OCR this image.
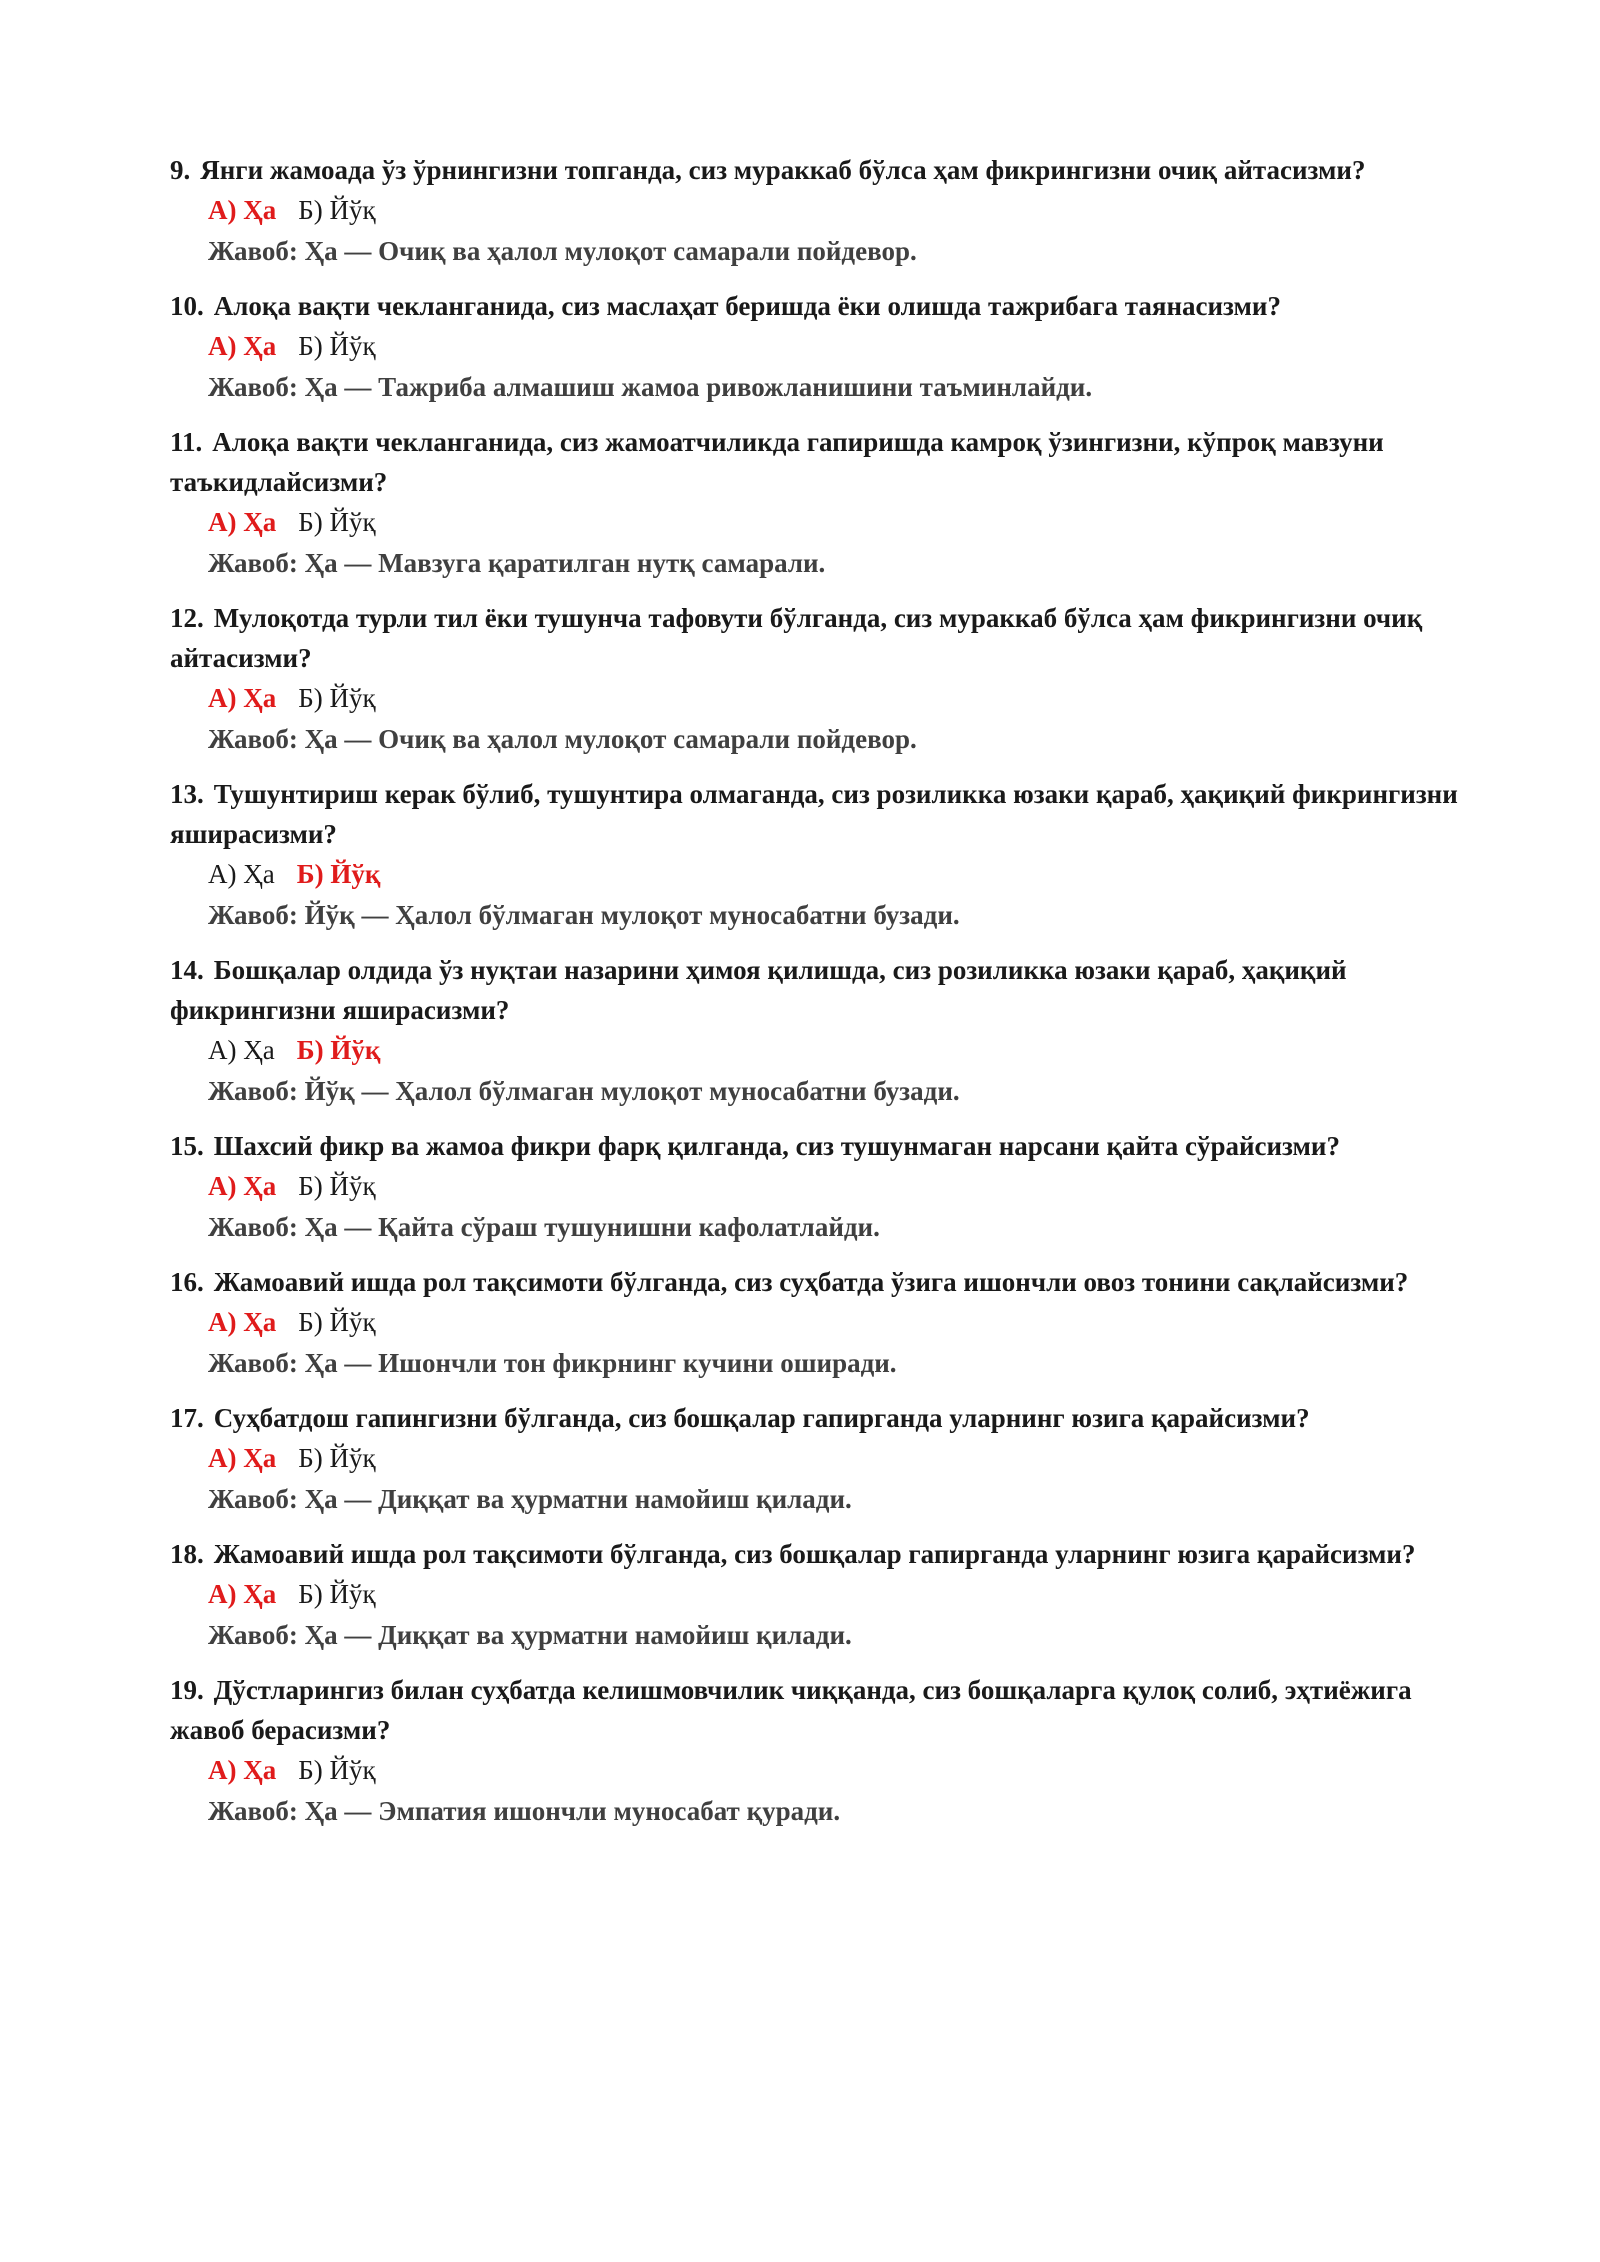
9. Янги жамоада ўз ўрнингизни топганда, сиз мураккаб бўлса ҳам фикрингизни очиқ айтасизми?

А) Ҳа Б) Йўқ

Жавоб: Ҳа — Очиқ ва ҳалол мулоқот самарали пойдевор.

10. Алоқа вақти чекланганида, сиз маслаҳат беришда ёки олишда тажрибага таянасизми?

А) Ҳа Б) Йўқ

Жавоб: Ҳа — Тажриба алмашиш жамоа ривожланишини таъминлайди.

11. Алоқа вақти чекланганида, сиз жамоатчиликда гапиришда камроқ ўзингизни, кўпроқ мавзуни таъкидлайсизми?

А) Ҳа Б) Йўқ

Жавоб: Ҳа — Мавзуга қаратилган нутқ самарали.

12. Мулоқотда турли тил ёки тушунча тафовути бўлганда, сиз мураккаб бўлса ҳам фикрингизни очиқ айтасизми?

А) Ҳа Б) Йўқ

Жавоб: Ҳа — Очиқ ва ҳалол мулоқот самарали пойдевор.

13. Тушунтириш керак бўлиб, тушунтира олмаганда, сиз розиликка юзаки қараб, ҳақиқий фикрингизни яширасизми?

А) Ҳа Б) Йўқ

Жавоб: Йўқ — Ҳалол бўлмаган мулоқот муносабатни бузади.

14. Бошқалар олдида ўз нуқтаи назарини ҳимоя қилишда, сиз розиликка юзаки қараб, ҳақиқий фикрингизни яширасизми?

А) Ҳа Б) Йўқ

Жавоб: Йўқ — Ҳалол бўлмаган мулоқот муносабатни бузади.

15. Шахсий фикр ва жамоа фикри фарқ қилганда, сиз тушунмаган нарсани қайта сўрайсизми?

А) Ҳа Б) Йўқ

Жавоб: Ҳа — Қайта сўраш тушунишни кафолатлайди.

16. Жамоавий ишда рол тақсимоти бўлганда, сиз суҳбатда ўзига ишончли овоз тонини сақлайсизми?

А) Ҳа Б) Йўқ

Жавоб: Ҳа — Ишончли тон фикрнинг кучини оширади.

17. Суҳбатдош гапингизни бўлганда, сиз бошқалар гапирганда уларнинг юзига қарайсизми?

А) Ҳа Б) Йўқ

Жавоб: Ҳа — Диққат ва ҳурматни намойиш қилади.

18. Жамоавий ишда рол тақсимоти бўлганда, сиз бошқалар гапирганда уларнинг юзига қарайсизми?

А) Ҳа Б) Йўқ

Жавоб: Ҳа — Диққат ва ҳурматни намойиш қилади.

19. Дўстларингиз билан суҳбатда келишмовчилик чиққанда, сиз бошқаларга қулоқ солиб, эҳтиёжига жавоб берасизми?

А) Ҳа Б) Йўқ

Жавоб: Ҳа — Эмпатия ишончли муносабат қуради.
